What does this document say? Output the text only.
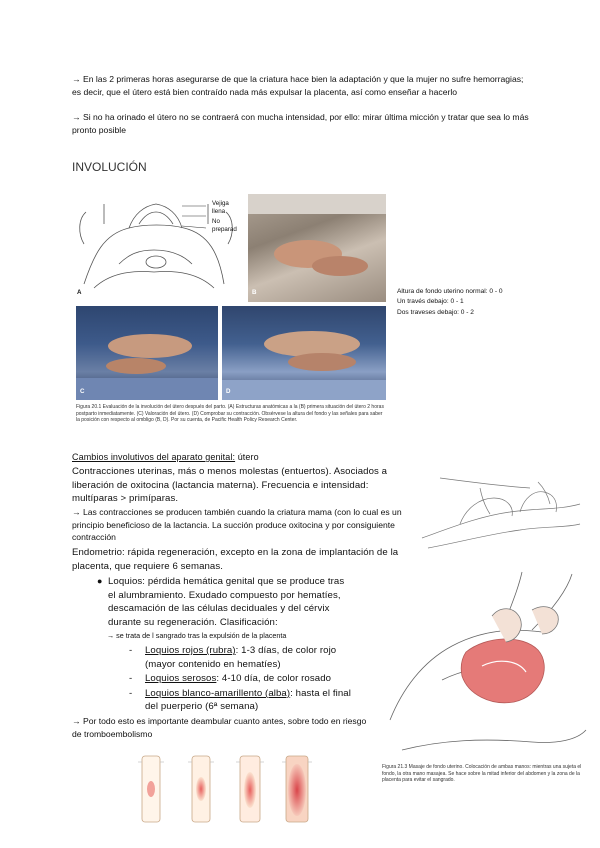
→ En las 2 primeras horas asegurarse de que la criatura hace bien la adaptación y que la mujer no sufre hemorragias; es decir, que el útero está bien contraído nada más expulsar la placenta, así como enseñar a hacerlo
→ Si no ha orinado el útero no se contraerá con mucha intensidad, por ello: mirar última micción y tratar que sea lo más pronto posible
INVOLUCIÓN
Vejiga
llena
No
preparad
A	B
C	D
Figura 20.1 Evaluación de la involución del útero después del parto. (A) Estructuras anatómicas a la (B) primera situación del útero 2 horas postparto inmediatamente. (C) Valoración del útero. (D) Comprobar su contracción. Obsérvese la altura del fondo y las señales para saber la posición con respecto al ombligo (B, D). Por su cuenta, de Pacific Health Policy Research Center.
Altura de fondo uterino normal: 0 - 0
Un través debajo: 0 - 1
Dos traveses debajo: 0 - 2
Cambios involutivos del aparato genital: útero
Contracciones uterinas, más o menos molestas (entuertos). Asociados a liberación de oxitocina (lactancia materna). Frecuencia e intensidad: multíparas > primíparas.
→ Las contracciones se producen también cuando la criatura mama (con lo cual es un principio beneficioso de la lactancia. La succión produce oxitocina y por consiguiente contracción
Endometrio: rápida regeneración, excepto en la zona de implantación de la placenta, que requiere 6 semanas.
● Loquios: pérdida hemática genital que se produce tras el alumbramiento. Exudado compuesto por hematíes, descamación de las células deciduales y del cérvix durante su regeneración. Clasificación:
→ se trata de l sangrado tras la expulsión de la placenta
- Loquios rojos (rubra): 1-3 días, de color rojo (mayor contenido en hematíes)
- Loquios serosos: 4-10 día, de color rosado
- Loquios blanco-amarillento (alba): hasta el final del puerperio (6ª semana)
→ Por todo esto es importante deambular cuanto antes, sobre todo en riesgo de tromboembolismo
Figura 21.3 Masaje de fondo uterino. Colocación de ambas manos: mientras una sujeta el fondo, la otra mano masajea. Se hace sobre la mitad inferior del abdomen y la zona de la placenta para evitar el sangrado.
